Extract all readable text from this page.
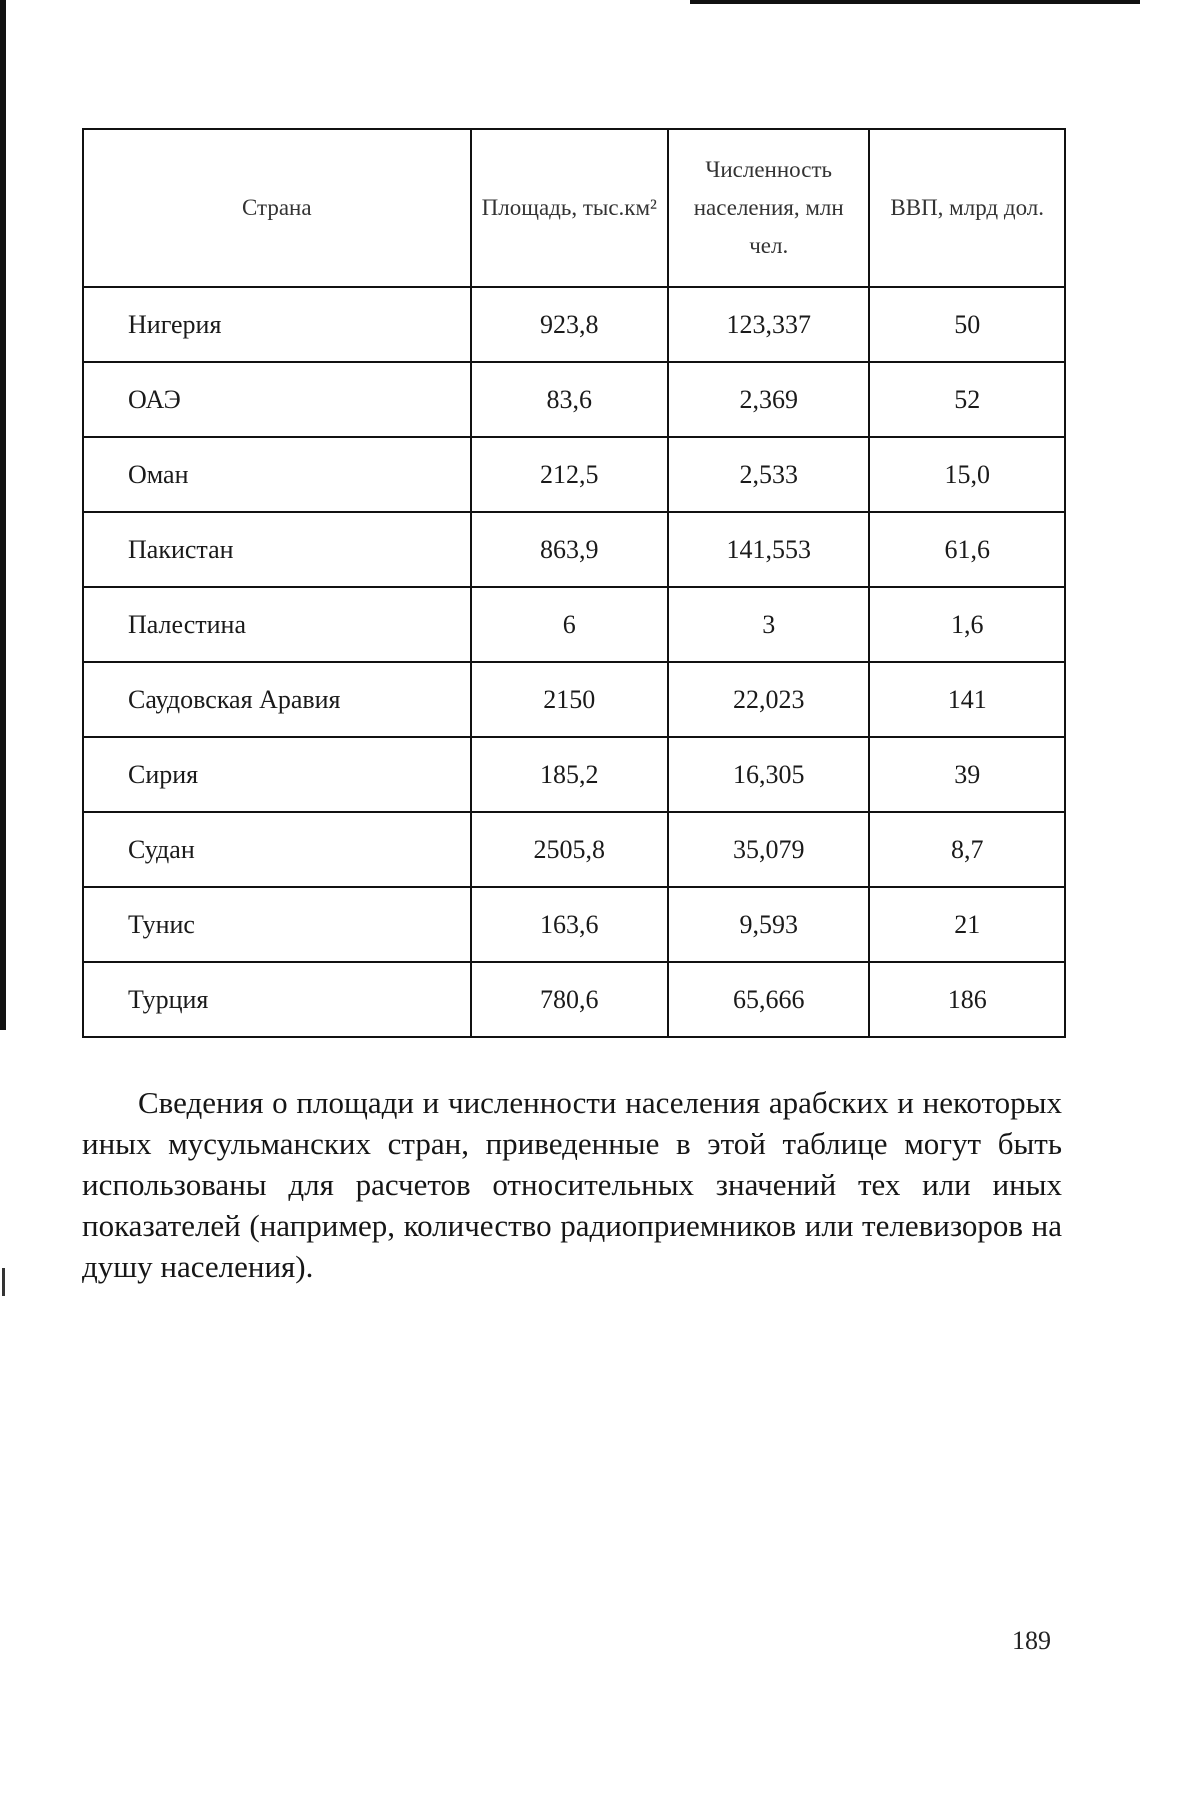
Страна	Площадь, тыс.км²	Численность населения, млн чел.	ВВП, млрд дол.
Нигерия	923,8	123,337	50
ОАЭ	83,6	2,369	52
Оман	212,5	2,533	15,0
Пакистан	863,9	141,553	61,6
Палестина	6	3	1,6
Саудовская Аравия	2150	22,023	141
Сирия	185,2	16,305	39
Судан	2505,8	35,079	8,7
Тунис	163,6	9,593	21
Турция	780,6	65,666	186

Сведения о площади и численности населения арабских и некоторых иных мусульманских стран, приведенные в этой таблице могут быть использованы для расчетов относительных значений тех или иных показателей (например, количество радиоприемников или телевизоров на душу населения).

189
